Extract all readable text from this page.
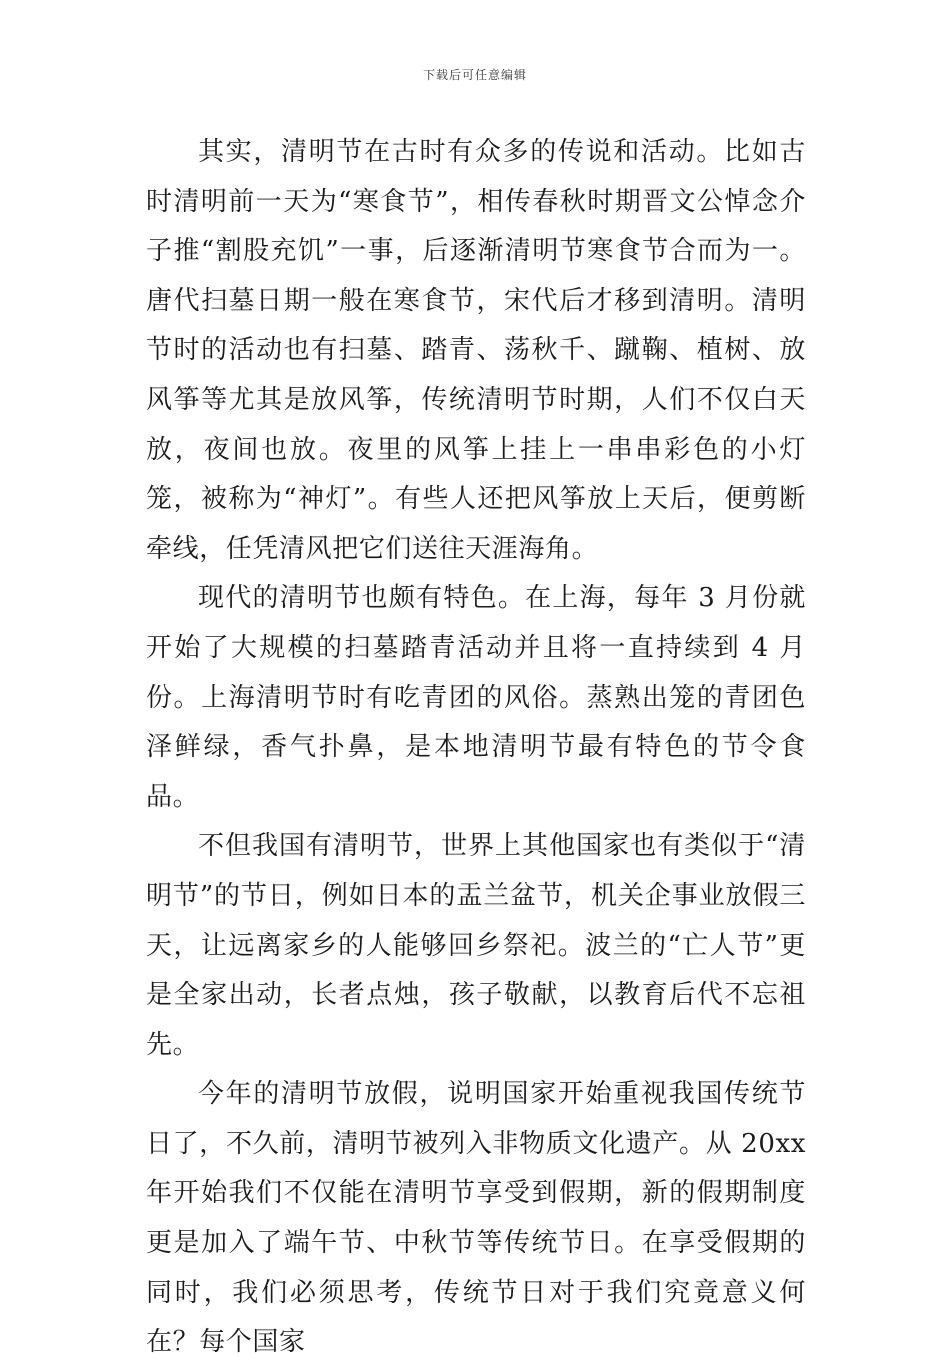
下载后可任意编辑

其实，清明节在古时有众多的传说和活动。比如古时清明前一天为“寒食节”，相传春秋时期晋文公悼念介子推“割股充饥”一事，后逐渐清明节寒食节合而为一。唐代扫墓日期一般在寒食节，宋代后才移到清明。清明节时的活动也有扫墓、踏青、荡秋千、蹴鞠、植树、放风筝等尤其是放风筝，传统清明节时期，人们不仅白天放，夜间也放。夜里的风筝上挂上一串串彩色的小灯笼，被称为“神灯”。有些人还把风筝放上天后，便剪断牵线，任凭清风把它们送往天涯海角。

现代的清明节也颇有特色。在上海，每年 3 月份就开始了大规模的扫墓踏青活动并且将一直持续到 4 月份。上海清明节时有吃青团的风俗。蒸熟出笼的青团色泽鲜绿，香气扑鼻，是本地清明节最有特色的节令食品。

不但我国有清明节，世界上其他国家也有类似于“清明节”的节日，例如日本的盂兰盆节，机关企事业放假三天，让远离家乡的人能够回乡祭祀。波兰的“亡人节”更是全家出动，长者点烛，孩子敬献，以教育后代不忘祖先。

今年的清明节放假，说明国家开始重视我国传统节日了，不久前，清明节被列入非物质文化遗产。从 20xx 年开始我们不仅能在清明节享受到假期，新的假期制度更是加入了端午节、中秋节等传统节日。在享受假期的同时，我们必须思考，传统节日对于我们究竟意义何在？每个国家
